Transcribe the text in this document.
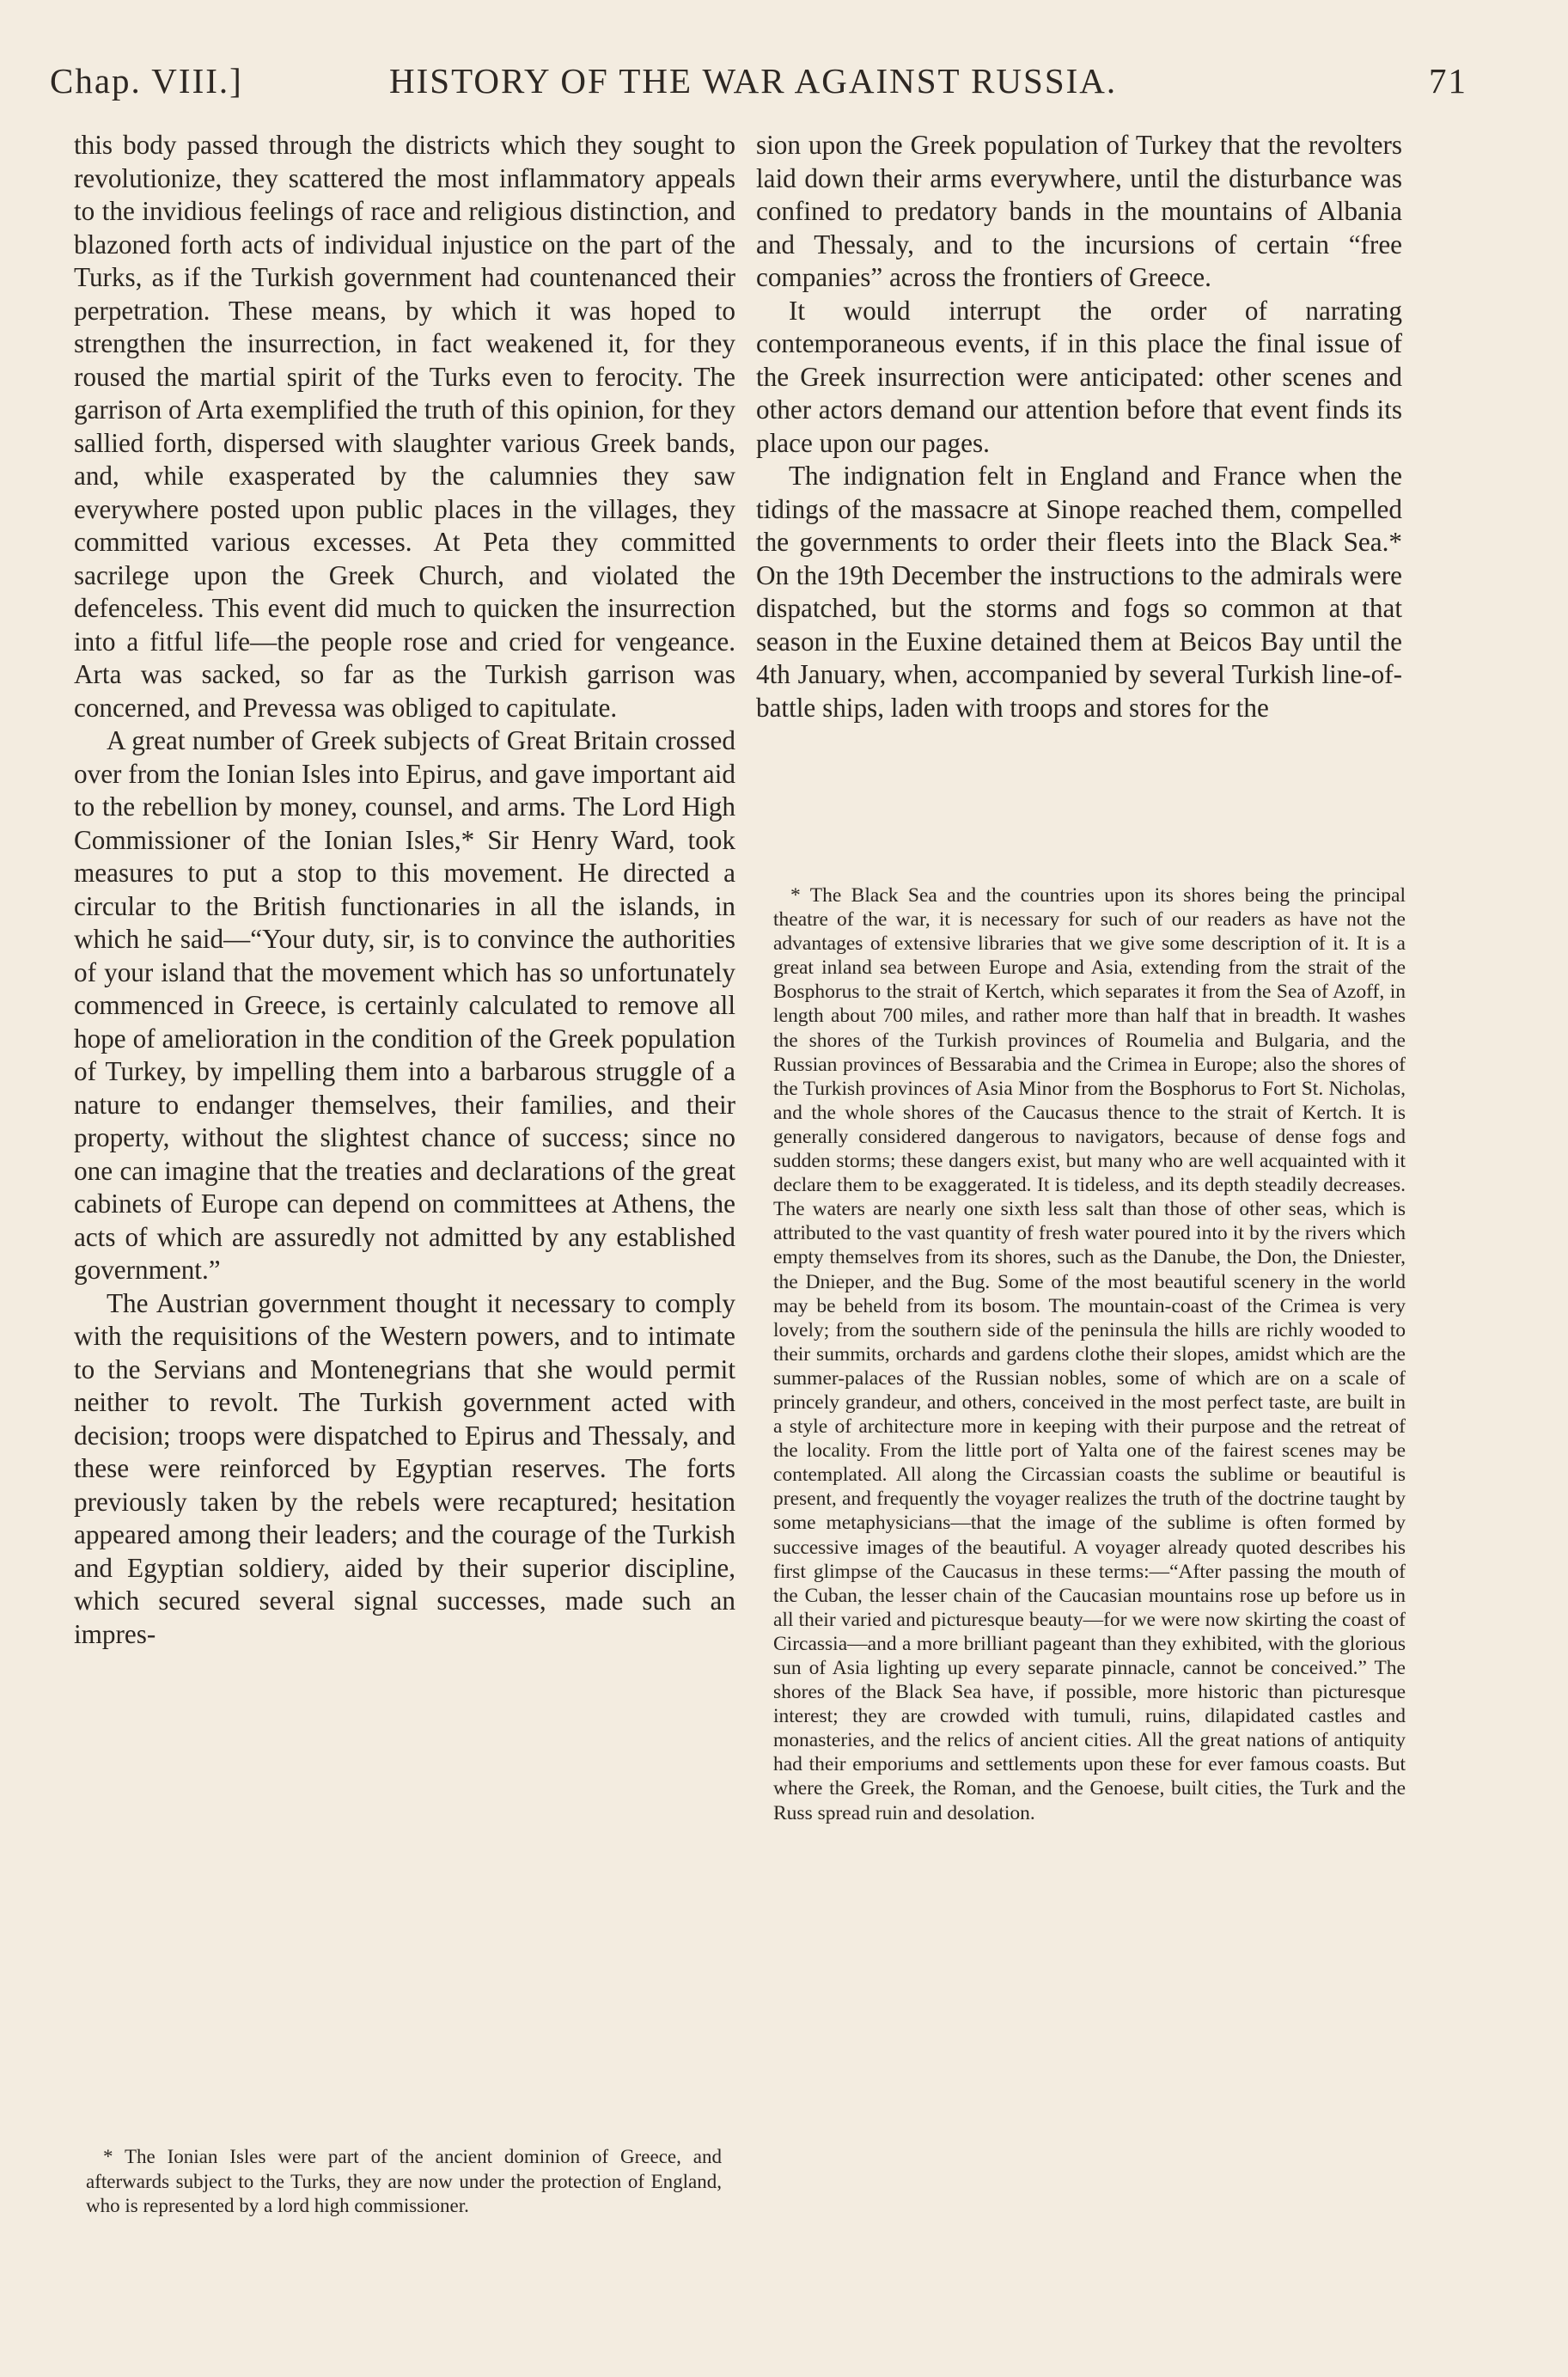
Chap. VIII.]	HISTORY OF THE WAR AGAINST RUSSIA.	71

this body passed through the districts which they sought to revolutionize, they scattered the most inflammatory appeals to the invidious feelings of race and religious distinction, and blazoned forth acts of individual injustice on the part of the Turks, as if the Turkish government had countenanced their perpetration. These means, by which it was hoped to strengthen the insurrection, in fact weakened it, for they roused the martial spirit of the Turks even to ferocity. The garrison of Arta exemplified the truth of this opinion, for they sallied forth, dispersed with slaughter various Greek bands, and, while exasperated by the calumnies they saw everywhere posted upon public places in the villages, they committed various excesses. At Peta they committed sacrilege upon the Greek Church, and violated the defenceless. This event did much to quicken the insurrection into a fitful life—the people rose and cried for vengeance. Arta was sacked, so far as the Turkish garrison was concerned, and Prevessa was obliged to capitulate.

A great number of Greek subjects of Great Britain crossed over from the Ionian Isles into Epirus, and gave important aid to the rebellion by money, counsel, and arms. The Lord High Commissioner of the Ionian Isles,* Sir Henry Ward, took measures to put a stop to this movement. He directed a circular to the British functionaries in all the islands, in which he said—“Your duty, sir, is to convince the authorities of your island that the movement which has so unfortunately commenced in Greece, is certainly calculated to remove all hope of amelioration in the condition of the Greek population of Turkey, by impelling them into a barbarous struggle of a nature to endanger themselves, their families, and their property, without the slightest chance of success; since no one can imagine that the treaties and declarations of the great cabinets of Europe can depend on committees at Athens, the acts of which are assuredly not admitted by any established government.”

The Austrian government thought it necessary to comply with the requisitions of the Western powers, and to intimate to the Servians and Montenegrians that she would permit neither to revolt. The Turkish government acted with decision; troops were dispatched to Epirus and Thessaly, and these were reinforced by Egyptian reserves. The forts previously taken by the rebels were recaptured; hesitation appeared among their leaders; and the courage of the Turkish and Egyptian soldiery, aided by their superior discipline, which secured several signal successes, made such an impres-

* The Ionian Isles were part of the ancient dominion of Greece, and afterwards subject to the Turks, they are now under the protection of England, who is represented by a lord high commissioner.

sion upon the Greek population of Turkey that the revolters laid down their arms everywhere, until the disturbance was confined to predatory bands in the mountains of Albania and Thessaly, and to the incursions of certain “free companies” across the frontiers of Greece.

It would interrupt the order of narrating contemporaneous events, if in this place the final issue of the Greek insurrection were anticipated: other scenes and other actors demand our attention before that event finds its place upon our pages.

The indignation felt in England and France when the tidings of the massacre at Sinope reached them, compelled the governments to order their fleets into the Black Sea.* On the 19th December the instructions to the admirals were dispatched, but the storms and fogs so common at that season in the Euxine detained them at Beicos Bay until the 4th January, when, accompanied by several Turkish line-of-battle ships, laden with troops and stores for the

* The Black Sea and the countries upon its shores being the principal theatre of the war, it is necessary for such of our readers as have not the advantages of extensive libraries that we give some description of it. It is a great inland sea between Europe and Asia, extending from the strait of the Bosphorus to the strait of Kertch, which separates it from the Sea of Azoff, in length about 700 miles, and rather more than half that in breadth. It washes the shores of the Turkish provinces of Roumelia and Bulgaria, and the Russian provinces of Bessarabia and the Crimea in Europe; also the shores of the Turkish provinces of Asia Minor from the Bosphorus to Fort St. Nicholas, and the whole shores of the Caucasus thence to the strait of Kertch. It is generally considered dangerous to navigators, because of dense fogs and sudden storms; these dangers exist, but many who are well acquainted with it declare them to be exaggerated. It is tideless, and its depth steadily decreases. The waters are nearly one sixth less salt than those of other seas, which is attributed to the vast quantity of fresh water poured into it by the rivers which empty themselves from its shores, such as the Danube, the Don, the Dniester, the Dnieper, and the Bug. Some of the most beautiful scenery in the world may be beheld from its bosom. The mountain-coast of the Crimea is very lovely; from the southern side of the peninsula the hills are richly wooded to their summits, orchards and gardens clothe their slopes, amidst which are the summer-palaces of the Russian nobles, some of which are on a scale of princely grandeur, and others, conceived in the most perfect taste, are built in a style of architecture more in keeping with their purpose and the retreat of the locality. From the little port of Yalta one of the fairest scenes may be contemplated. All along the Circassian coasts the sublime or beautiful is present, and frequently the voyager realizes the truth of the doctrine taught by some metaphysicians—that the image of the sublime is often formed by successive images of the beautiful. A voyager already quoted describes his first glimpse of the Caucasus in these terms:—“After passing the mouth of the Cuban, the lesser chain of the Caucasian mountains rose up before us in all their varied and picturesque beauty—for we were now skirting the coast of Circassia—and a more brilliant pageant than they exhibited, with the glorious sun of Asia lighting up every separate pinnacle, cannot be conceived.” The shores of the Black Sea have, if possible, more historic than picturesque interest; they are crowded with tumuli, ruins, dilapidated castles and monasteries, and the relics of ancient cities. All the great nations of antiquity had their emporiums and settlements upon these for ever famous coasts. But where the Greek, the Roman, and the Genoese, built cities, the Turk and the Russ spread ruin and desolation.
